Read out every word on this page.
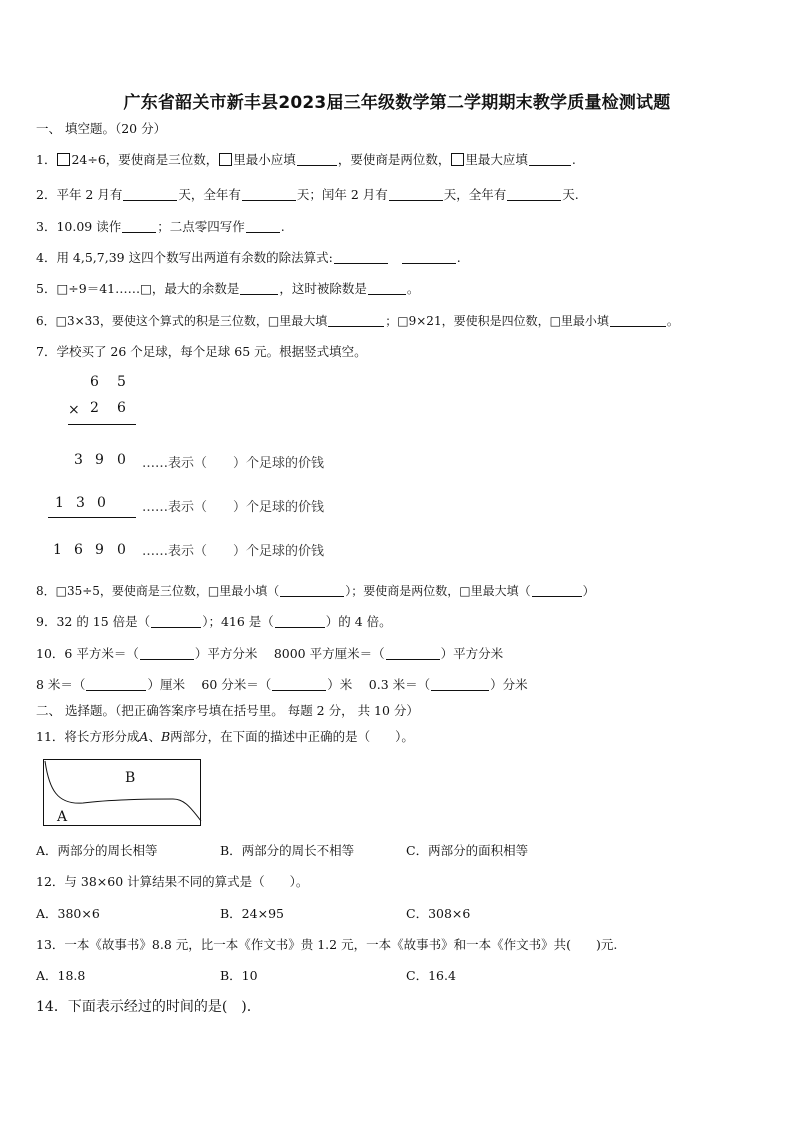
广东省韶关市新丰县2023届三年级数学第二学期期末教学质量检测试题
一、 填空题。（20 分）
1． 24÷6，要使商是三位数， 里最小应填	，要使商是两位数， 里最大应填	.
2．平年 2 月有	天，全年有	天；闰年 2 月有	天，全年有	天.
3．10.09 读作	；二点零四写作	.
4．用 4,5,7,39 这四个数写出两道有余数的除法算式:	.
5．□÷9＝41……□，最大的余数是	，这时被除数是	。
6．□3×33，要使这个算式的积是三位数，□里最大填	；□9×21，要使积是四位数，□里最小填	。
7．学校买了 26 个足球，每个足球 65 元。根据竖式填空。
6 5
× 2 6
3 9 0 ……表示（　　）个足球的价钱
1 3 0	……表示（　　）个足球的价钱
1 6 9 0 ……表示（　　）个足球的价钱
8．□35÷5，要使商是三位数，□里最小填（	）；要使商是两位数，□里最大填（	）
9．32 的 15 倍是（	）；416 是（	）的 4 倍。
10．6 平方米＝（	）平方分米　 8000 平方厘米＝（	）平方分米
8 米＝（	）厘米　 60 分米＝（	）米　 0.3 米＝（	）分米
二、 选择题。（把正确答案序号填在括号里。 每题 2 分， 共 10 分）
11．将长方形分成A、B两部分，在下面的描述中正确的是（　　）。
B
A
A．两部分的周长相等	B．两部分的周长不相等	C．两部分的面积相等
12．与 38×60 计算结果不同的算式是（　　）。
A．380×6	B．24×95	C．308×6
13．一本《故事书》8.8 元，比一本《作文书》贵 1.2 元，一本《故事书》和一本《作文书》共(　　)元.
A．18.8	B．10	C．16.4
14．下面表示经过的时间的是(　).
